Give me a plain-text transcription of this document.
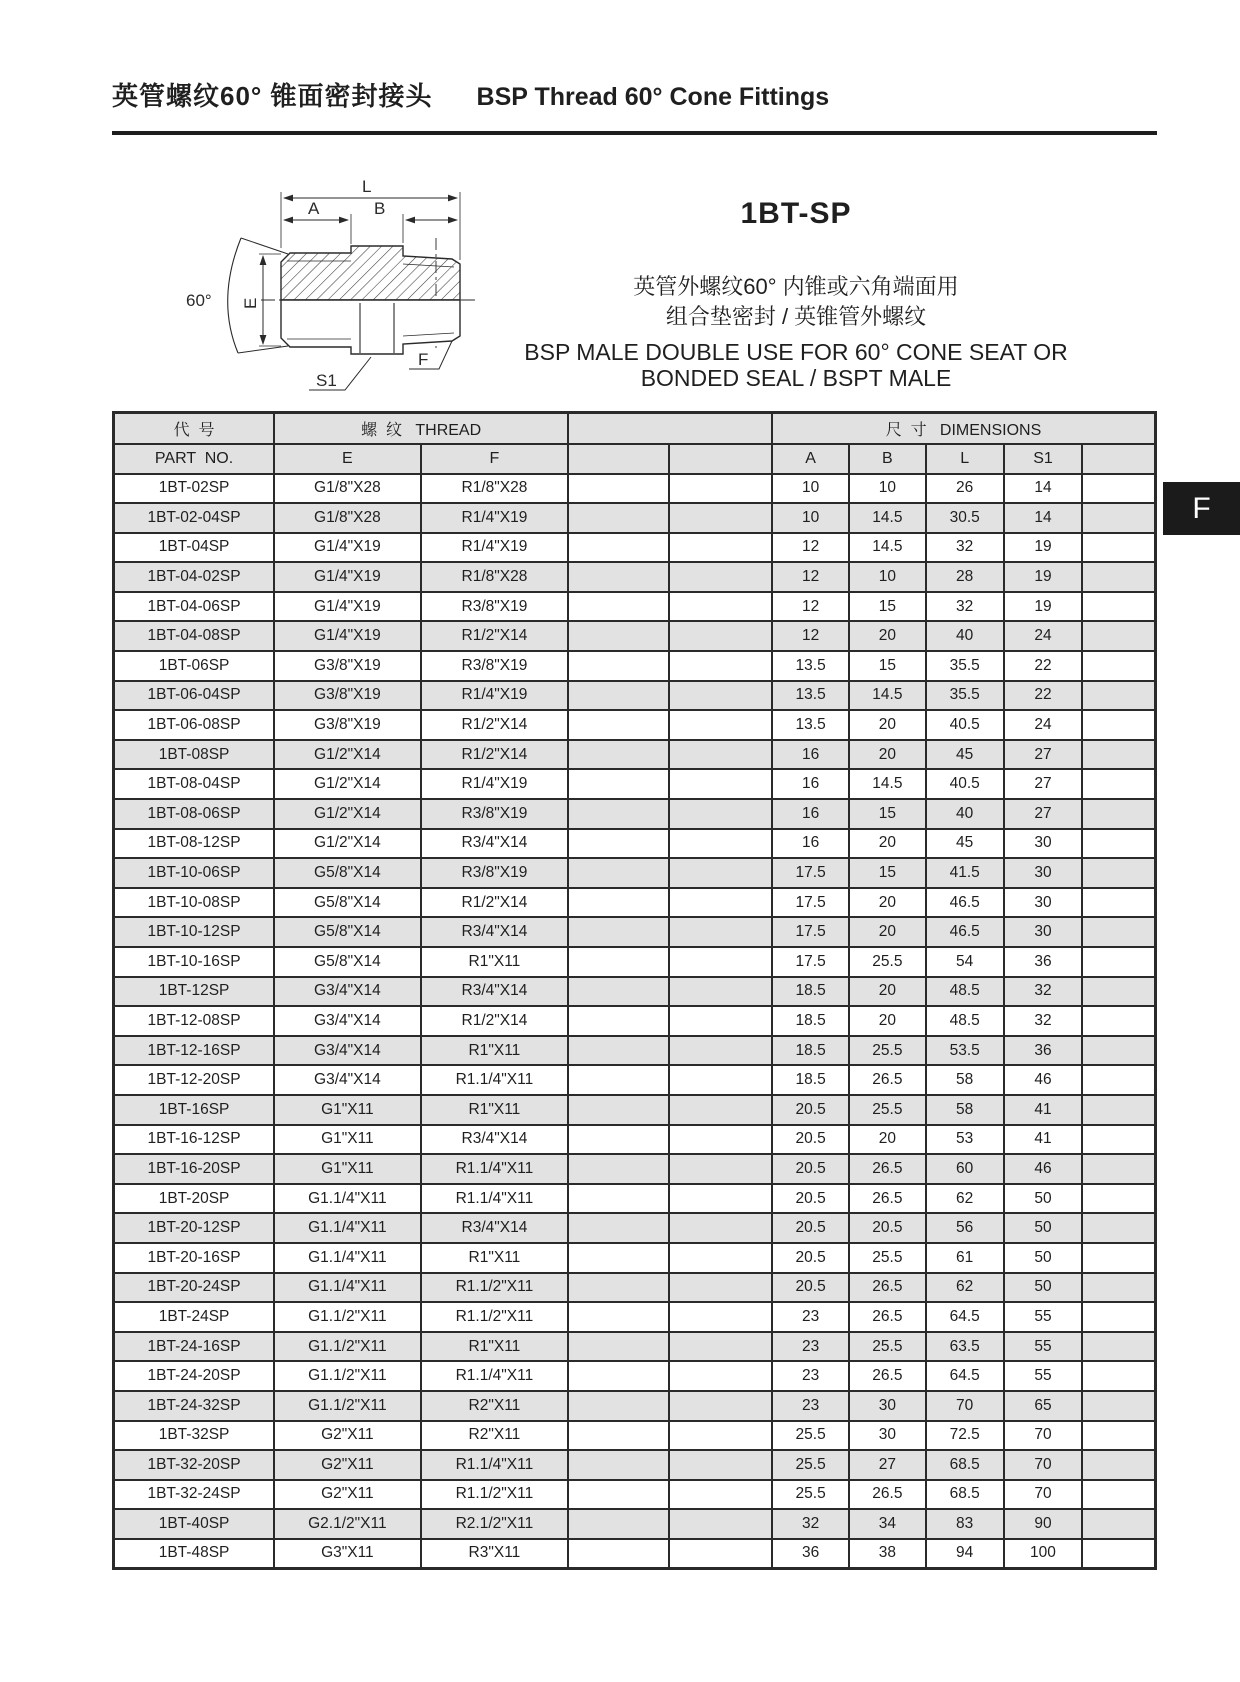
英管螺纹60° 锥面密封接头 BSP Thread 60° Cone Fittings
60° E
L
A	B
S1
F
1BT-SP
英管外螺纹60° 内锥或六角端面用
组合垫密封 / 英锥管外螺纹
BSP MALE DOUBLE USE FOR 60° CONE SEAT OR
BONDED SEAL / BSPT MALE
F
代  号	螺  纹   THREAD				尺  寸   DIMENSIONS				
PART  NO.	E	F			A	B	L	S1	
1BT-02SP	G1/8"X28	R1/8"X28			10	10	26	14	
1BT-02-04SP	G1/8"X28	R1/4"X19			10	14.5	30.5	14	
1BT-04SP	G1/4"X19	R1/4"X19			12	14.5	32	19	
1BT-04-02SP	G1/4"X19	R1/8"X28			12	10	28	19	
1BT-04-06SP	G1/4"X19	R3/8"X19			12	15	32	19	
1BT-04-08SP	G1/4"X19	R1/2"X14			12	20	40	24	
1BT-06SP	G3/8"X19	R3/8"X19			13.5	15	35.5	22	
1BT-06-04SP	G3/8"X19	R1/4"X19			13.5	14.5	35.5	22	
1BT-06-08SP	G3/8"X19	R1/2"X14			13.5	20	40.5	24	
1BT-08SP	G1/2"X14	R1/2"X14			16	20	45	27	
1BT-08-04SP	G1/2"X14	R1/4"X19			16	14.5	40.5	27	
1BT-08-06SP	G1/2"X14	R3/8"X19			16	15	40	27	
1BT-08-12SP	G1/2"X14	R3/4"X14			16	20	45	30	
1BT-10-06SP	G5/8"X14	R3/8"X19			17.5	15	41.5	30	
1BT-10-08SP	G5/8"X14	R1/2"X14			17.5	20	46.5	30	
1BT-10-12SP	G5/8"X14	R3/4"X14			17.5	20	46.5	30	
1BT-10-16SP	G5/8"X14	R1"X11			17.5	25.5	54	36	
1BT-12SP	G3/4"X14	R3/4"X14			18.5	20	48.5	32	
1BT-12-08SP	G3/4"X14	R1/2"X14			18.5	20	48.5	32	
1BT-12-16SP	G3/4"X14	R1"X11			18.5	25.5	53.5	36	
1BT-12-20SP	G3/4"X14	R1.1/4"X11			18.5	26.5	58	46	
1BT-16SP	G1"X11	R1"X11			20.5	25.5	58	41	
1BT-16-12SP	G1"X11	R3/4"X14			20.5	20	53	41	
1BT-16-20SP	G1"X11	R1.1/4"X11			20.5	26.5	60	46	
1BT-20SP	G1.1/4"X11	R1.1/4"X11			20.5	26.5	62	50	
1BT-20-12SP	G1.1/4"X11	R3/4"X14			20.5	20.5	56	50	
1BT-20-16SP	G1.1/4"X11	R1"X11			20.5	25.5	61	50	
1BT-20-24SP	G1.1/4"X11	R1.1/2"X11			20.5	26.5	62	50	
1BT-24SP	G1.1/2"X11	R1.1/2"X11			23	26.5	64.5	55	
1BT-24-16SP	G1.1/2"X11	R1"X11			23	25.5	63.5	55	
1BT-24-20SP	G1.1/2"X11	R1.1/4"X11			23	26.5	64.5	55	
1BT-24-32SP	G1.1/2"X11	R2"X11			23	30	70	65	
1BT-32SP	G2"X11	R2"X11			25.5	30	72.5	70	
1BT-32-20SP	G2"X11	R1.1/4"X11			25.5	27	68.5	70	
1BT-32-24SP	G2"X11	R1.1/2"X11			25.5	26.5	68.5	70	
1BT-40SP	G2.1/2"X11	R2.1/2"X11			32	34	83	90	
1BT-48SP	G3"X11	R3"X11			36	38	94	100	
